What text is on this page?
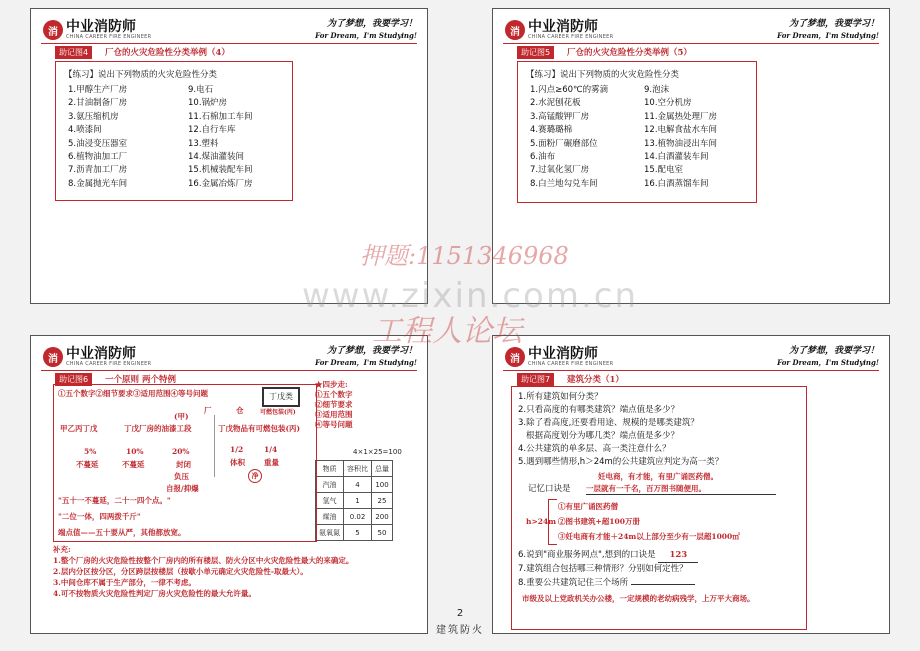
消 中业消防师
CHINA CAREER FIRE ENGINEER
为了梦想，我要学习！
For Dream，I'm Studying!
助记图4	厂仓的火灾危险性分类举例（4）
【练习】说出下列物质的火灾危险性分类
1.甲醇生产厂房
2.甘油制备厂房
3.氨压缩机房
4.喷漆间
5.油浸变压器室
6.植物油加工厂
7.沥青加工厂房
8.金属抛光车间
9.电石
10.锅炉房
11.石棉加工车间
12.自行车库
13.塑料
14.煤油灌装间
15.机械装配车间
16.金属冶炼厂房
消 中业消防师
CHINA CAREER FIRE ENGINEER
为了梦想，我要学习！
For Dream，I'm Studying!
助记图5	厂仓的火灾危险性分类举例（5）
【练习】说出下列物质的火灾危险性分类
1.闪点≥60℃的雾滴
2.水泥刨花板
3.高锰酸钾厂房
4.赛璐璐棉
5.面粉厂碾磨部位
6.油布
7.过氧化氢厂房
8.白兰地勾兑车间
9.泡沫
10.空分机房
11.金属热处理厂房
12.电解食盐水车间
13.植物油浸出车间
14.白酒灌装车间
15.配电室
16.白酒蒸馏车间
消 中业消防师
CHINA CAREER FIRE ENGINEER
为了梦想，我要学习！
For Dream，I'm Studying!
助记图6	一个原则 两个特例
①五个数字②细节要求③适用范围④等号问题	丁戊类
可燃包装(丙)
仓
厂
(甲)
甲乙丙丁戊	丁戊厂房的油漆工段	丁戊物品有可燃包装(丙)
5%	10%	20%
不蔓延	不蔓延	封闭
负压
自报/抑爆
1/2	1/4
体积	重量
净
"五十一不蔓延，二十一四个点。"
"二位一体，四两拨千斤"
端点值——五十要从严，其他都放宽。
★四步走:
①五个数字
②细节要求
③适用范围
④等号问题
4×1×25=100
物质	容积比	总量
汽油	4	100
氢气	1	25
煤油	0.02	200
氨氧氮	5	50
补充:
1.整个厂房的火灾危险性按整个厂房内的所有楼层、防火分区中火灾危险性最大的来确定。
2.层内分区按分区，分区跨层按楼层（按歇小单元确定火灾危险性-取最大）。
3.中间仓库不属于生产部分，一律不考虑。
4.可不按物质火灾危险性判定厂房火灾危险性的最大允许量。
消 中业消防师
CHINA CAREER FIRE ENGINEER
为了梦想，我要学习！
For Dream，I'm Studying!
助记图7	建筑分类（1）
1.所有建筑如何分类？
2.只看高度的有哪类建筑？端点值是多少？
3.除了看高度,还要看用途、规模的是哪类建筑？
根据高度划分为哪几类？端点值是多少？
4.公共建筑的单多层、高一类注意什么？
5.遇到哪些情形,h＞24m的公共建筑应判定为高一类？
妊电商，有才能，有里广诵医药僧。
记忆口诀是 一层就有一千名，百万图书随便用。
h>24m
①有里广诵医药僧
②图书建筑+超100万册
③妊电商有才能＋24m以上部分至少有一层超1000㎡
6.说到"商业服务网点",想到的口诀是 123
7.建筑组合包括哪三种情形？分别如何定性？
8.重要公共建筑记住三个场所
市级及以上党政机关办公楼，一定规模的老幼病残学，上万平大商场。
押题:1151346968
www.zixin.com.cn
工程人论坛
2
建筑防火
